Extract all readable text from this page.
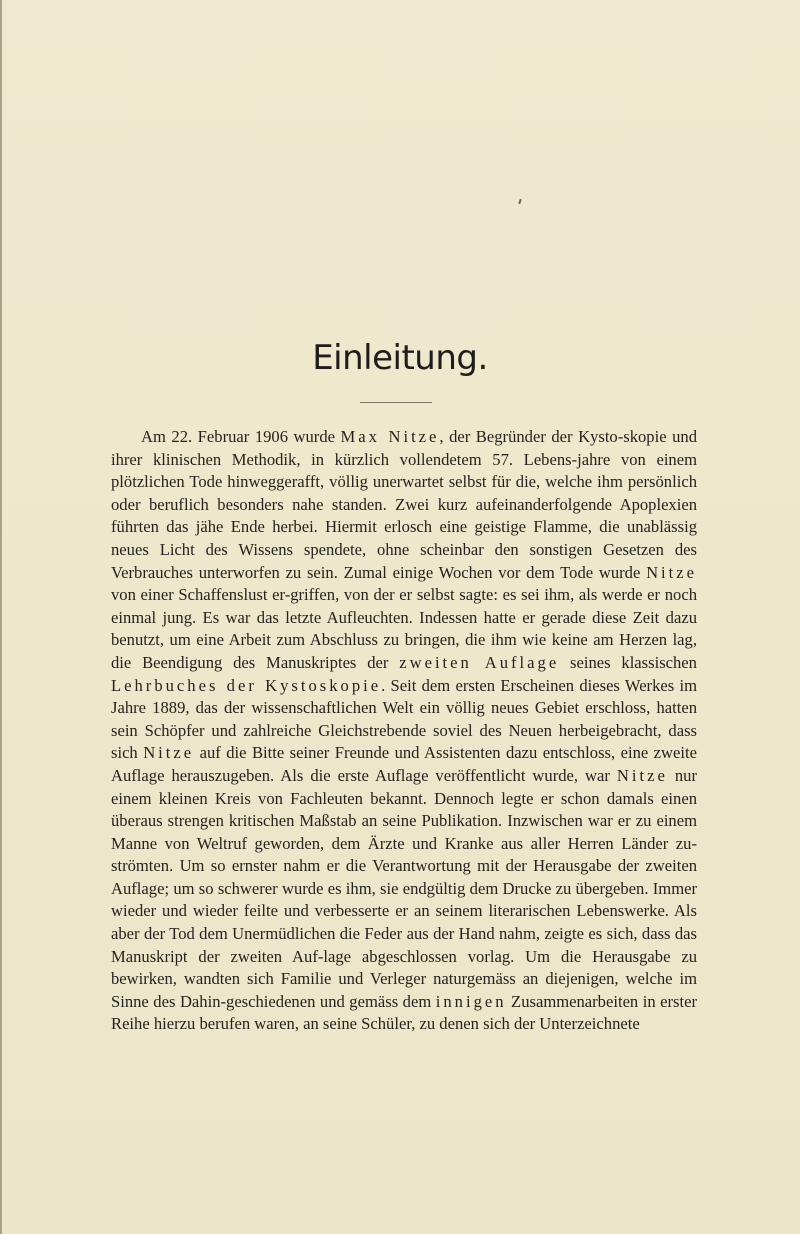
Einleitung.

Am 22. Februar 1906 wurde Max Nitze, der Begründer der Kysto-skopie und ihrer klinischen Methodik, in kürzlich vollendetem 57. Lebens-jahre von einem plötzlichen Tode hinweggerafft, völlig unerwartet selbst für die, welche ihm persönlich oder beruflich besonders nahe standen. Zwei kurz aufeinanderfolgende Apoplexien führten das jähe Ende herbei. Hiermit erlosch eine geistige Flamme, die unablässig neues Licht des Wissens spendete, ohne scheinbar den sonstigen Gesetzen des Verbrauches unterworfen zu sein. Zumal einige Wochen vor dem Tode wurde Nitze von einer Schaffenslust er-griffen, von der er selbst sagte: es sei ihm, als werde er noch einmal jung. Es war das letzte Aufleuchten. Indessen hatte er gerade diese Zeit dazu benutzt, um eine Arbeit zum Abschluss zu bringen, die ihm wie keine am Herzen lag, die Beendigung des Manuskriptes der zweiten Auflage seines klassischen Lehrbuches der Kystoskopie. Seit dem ersten Erscheinen dieses Werkes im Jahre 1889, das der wissenschaftlichen Welt ein völlig neues Gebiet erschloss, hatten sein Schöpfer und zahlreiche Gleichstrebende soviel des Neuen herbeigebracht, dass sich Nitze auf die Bitte seiner Freunde und Assistenten dazu entschloss, eine zweite Auflage herauszugeben. Als die erste Auflage veröffentlicht wurde, war Nitze nur einem kleinen Kreis von Fachleuten bekannt. Dennoch legte er schon damals einen überaus strengen kritischen Maßstab an seine Publikation. Inzwischen war er zu einem Manne von Weltruf geworden, dem Ärzte und Kranke aus aller Herren Länder zu-strömten. Um so ernster nahm er die Verantwortung mit der Herausgabe der zweiten Auflage; um so schwerer wurde es ihm, sie endgültig dem Drucke zu übergeben. Immer wieder und wieder feilte und verbesserte er an seinem literarischen Lebenswerke. Als aber der Tod dem Unermüdlichen die Feder aus der Hand nahm, zeigte es sich, dass das Manuskript der zweiten Auf-lage abgeschlossen vorlag. Um die Herausgabe zu bewirken, wandten sich Familie und Verleger naturgemäss an diejenigen, welche im Sinne des Dahin-geschiedenen und gemäss dem innigen Zusammenarbeiten in erster Reihe hierzu berufen waren, an seine Schüler, zu denen sich der Unterzeichnete
